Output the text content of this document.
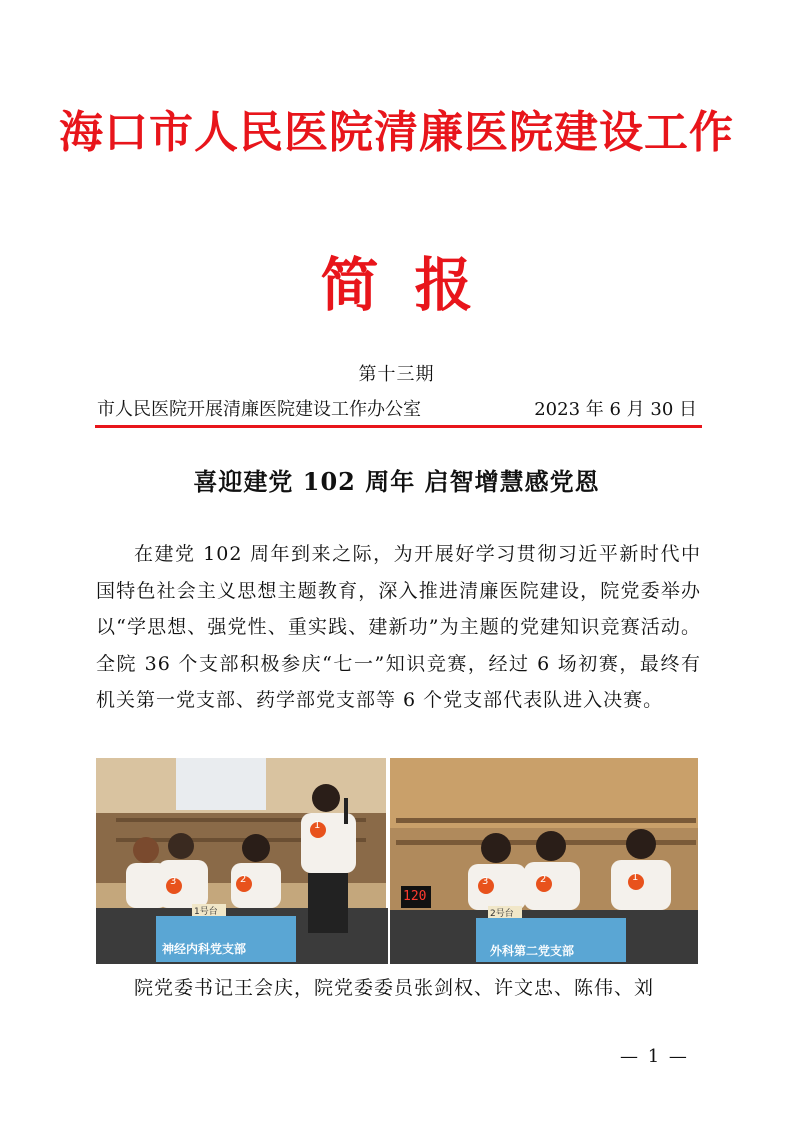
海口市人民医院清廉医院建设工作
简报
第十三期
市人民医院开展清廉医院建设工作办公室	2023 年 6 月 30 日
喜迎建党 102 周年 启智增慧感党恩

在建党 102 周年到来之际，为开展好学习贯彻习近平新时代中国特色社会主义思想主题教育，深入推进清廉医院建设，院党委举办以“学思想、强党性、重实践、建新功”为主题的党建知识竞赛活动。全院 36 个支部积极参庆“七一”知识竞赛，经过 6 场初赛，最终有机关第一党支部、药学部党支部等 6 个党支部代表队进入决赛。

3	2
1
3	2	1
1号台	2号台
120
神经内科党支部	外科第二党支部

院党委书记王会庆，院党委委员张剑权、许文忠、陈伟、刘

— 1 —
